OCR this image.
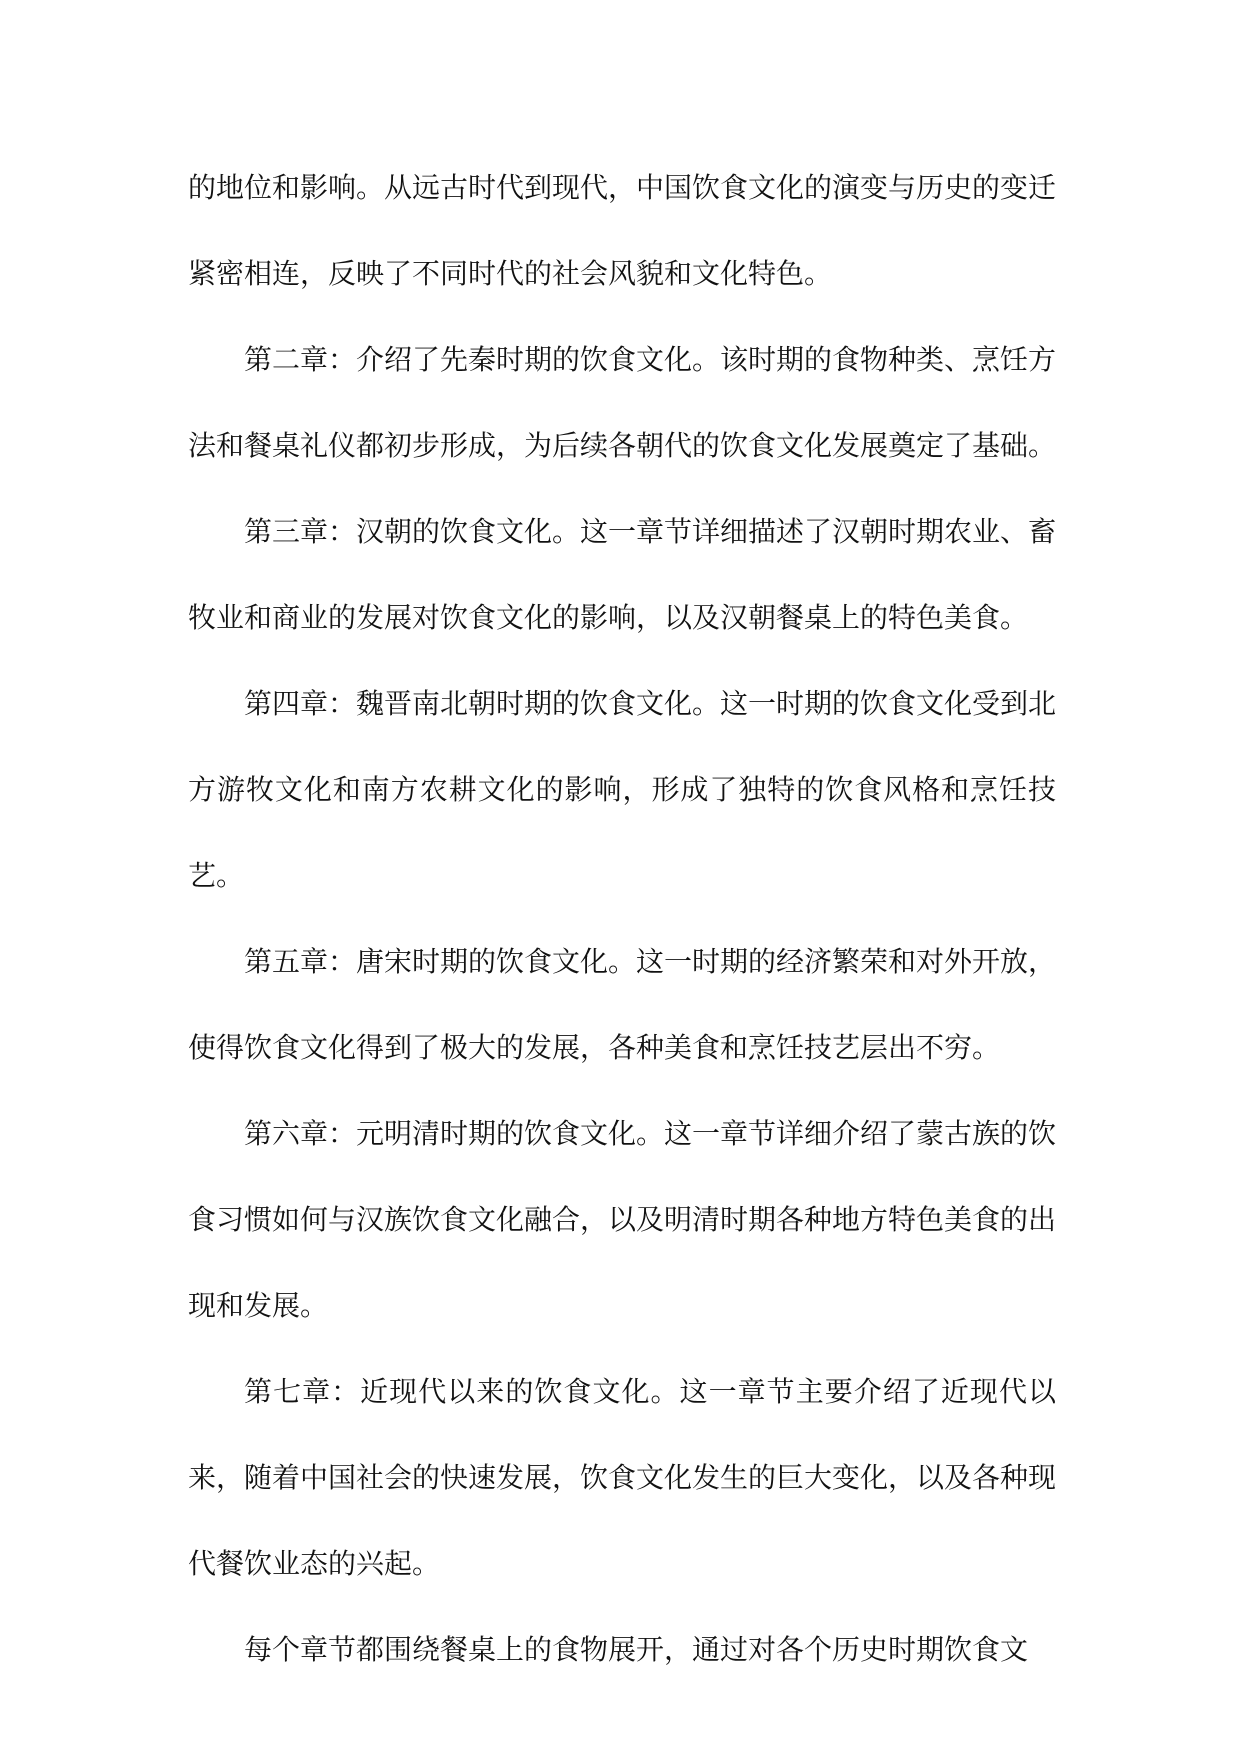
的地位和影响。从远古时代到现代，中国饮食文化的演变与历史的变迁紧密相连，反映了不同时代的社会风貌和文化特色。

第二章：介绍了先秦时期的饮食文化。该时期的食物种类、烹饪方法和餐桌礼仪都初步形成，为后续各朝代的饮食文化发展奠定了基础。

第三章：汉朝的饮食文化。这一章节详细描述了汉朝时期农业、畜牧业和商业的发展对饮食文化的影响，以及汉朝餐桌上的特色美食。

第四章：魏晋南北朝时期的饮食文化。这一时期的饮食文化受到北方游牧文化和南方农耕文化的影响，形成了独特的饮食风格和烹饪技艺。

第五章：唐宋时期的饮食文化。这一时期的经济繁荣和对外开放，使得饮食文化得到了极大的发展，各种美食和烹饪技艺层出不穷。

第六章：元明清时期的饮食文化。这一章节详细介绍了蒙古族的饮食习惯如何与汉族饮食文化融合，以及明清时期各种地方特色美食的出现和发展。

第七章：近现代以来的饮食文化。这一章节主要介绍了近现代以来，随着中国社会的快速发展，饮食文化发生的巨大变化，以及各种现代餐饮业态的兴起。

每个章节都围绕餐桌上的食物展开，通过对各个历史时期饮食文
